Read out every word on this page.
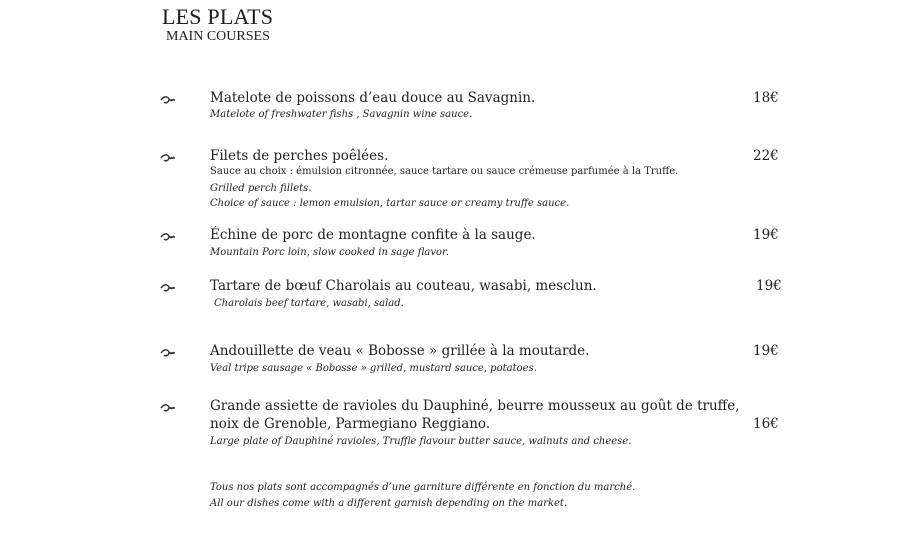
LES PLATS
MAIN COURSES
Matelote de poissons d’eau douce au Savagnin.	18€
Matelote of freshwater fishs , Savagnin wine sauce.
Filets de perches poêlées.	22€
Sauce au choix : émulsion citronnée, sauce tartare ou sauce crémeuse parfumée à la Truffe.
Grilled perch fillets.
Choice of sauce : lemon emulsion, tartar sauce or creamy truffe sauce.
Échine de porc de montagne confite à la sauge.	19€
Mountain Porc loin, slow cooked in sage flavor.
Tartare de bœuf Charolais au couteau, wasabi, mesclun.	19€
Charolais beef tartare, wasabi, salad.
Andouillette de veau « Bobosse » grillée à la moutarde.	19€
Veal tripe sausage « Bobosse » grilled, mustard sauce, potatoes.
Grande assiette de ravioles du Dauphiné, beurre mousseux au goût de truffe,
noix de Grenoble, Parmegiano Reggiano.	16€
Large plate of Dauphiné ravioles, Truffle flavour butter sauce, walnuts and cheese.
Tous nos plats sont accompagnés d’une garniture différente en fonction du marché.
All our dishes come with a different garnish depending on the market.
